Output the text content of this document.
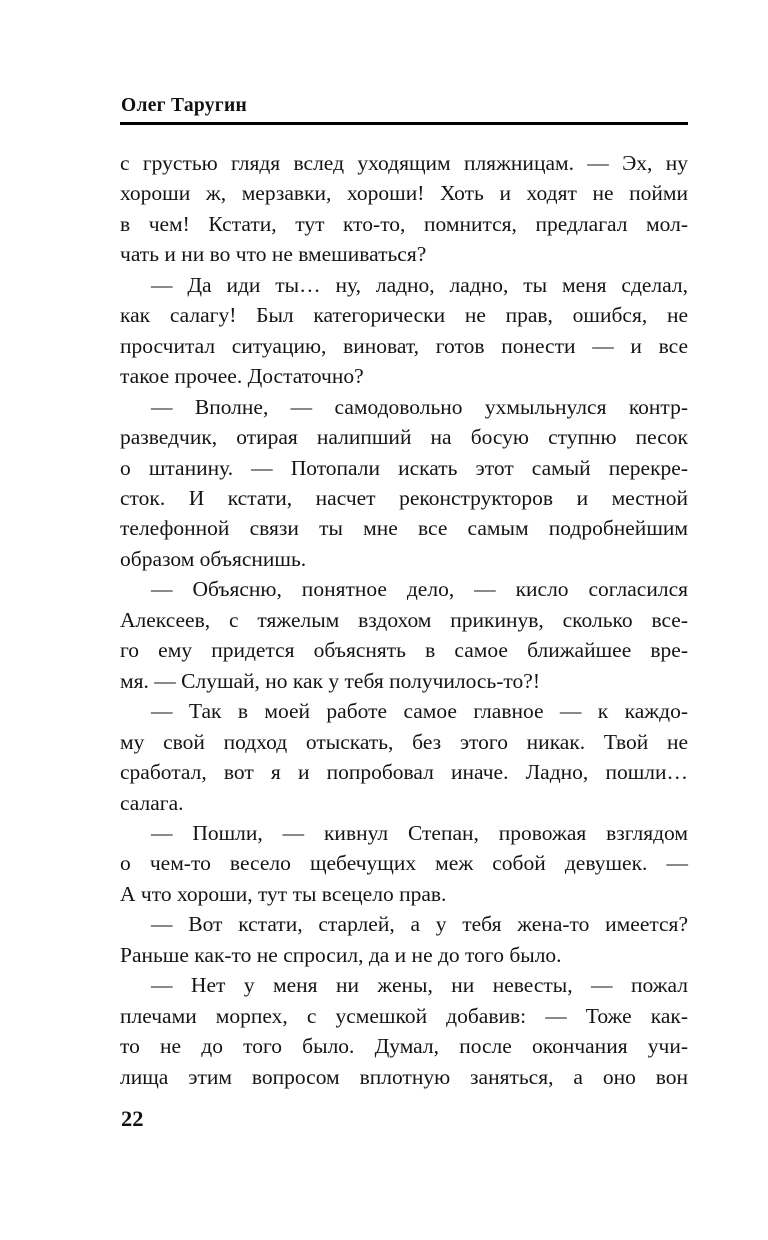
Олег Таругин
с грустью глядя вслед уходящим пляжницам. — Эх, ну
хороши ж, мерзавки, хороши! Хоть и ходят не пойми
в чем! Кстати, тут кто-то, помнится, предлагал мол-
чать и ни во что не вмешиваться?
— Да иди ты… ну, ладно, ладно, ты меня сделал,
как салагу! Был категорически не прав, ошибся, не
просчитал ситуацию, виноват, готов понести — и все
такое прочее. Достаточно?
— Вполне, — самодовольно ухмыльнулся контр-
разведчик, отирая налипший на босую ступню песок
о штанину. — Потопали искать этот самый перекре-
сток. И кстати, насчет реконструкторов и местной
телефонной связи ты мне все самым подробнейшим
образом объяснишь.
— Объясню, понятное дело, — кисло согласился
Алексеев, с тяжелым вздохом прикинув, сколько все-
го ему придется объяснять в самое ближайшее вре-
мя. — Слушай, но как у тебя получилось-то?!
— Так в моей работе самое главное — к каждо-
му свой подход отыскать, без этого никак. Твой не
сработал, вот я и попробовал иначе. Ладно, пошли…
салага.
— Пошли, — кивнул Степан, провожая взглядом
о чем-то весело щебечущих меж собой девушек. —
А что хороши, тут ты всецело прав.
— Вот кстати, старлей, а у тебя жена-то имеется?
Раньше как-то не спросил, да и не до того было.
— Нет у меня ни жены, ни невесты, — пожал
плечами морпех, с усмешкой добавив: — Тоже как-
то не до того было. Думал, после окончания учи-
лища этим вопросом вплотную заняться, а оно вон
22
